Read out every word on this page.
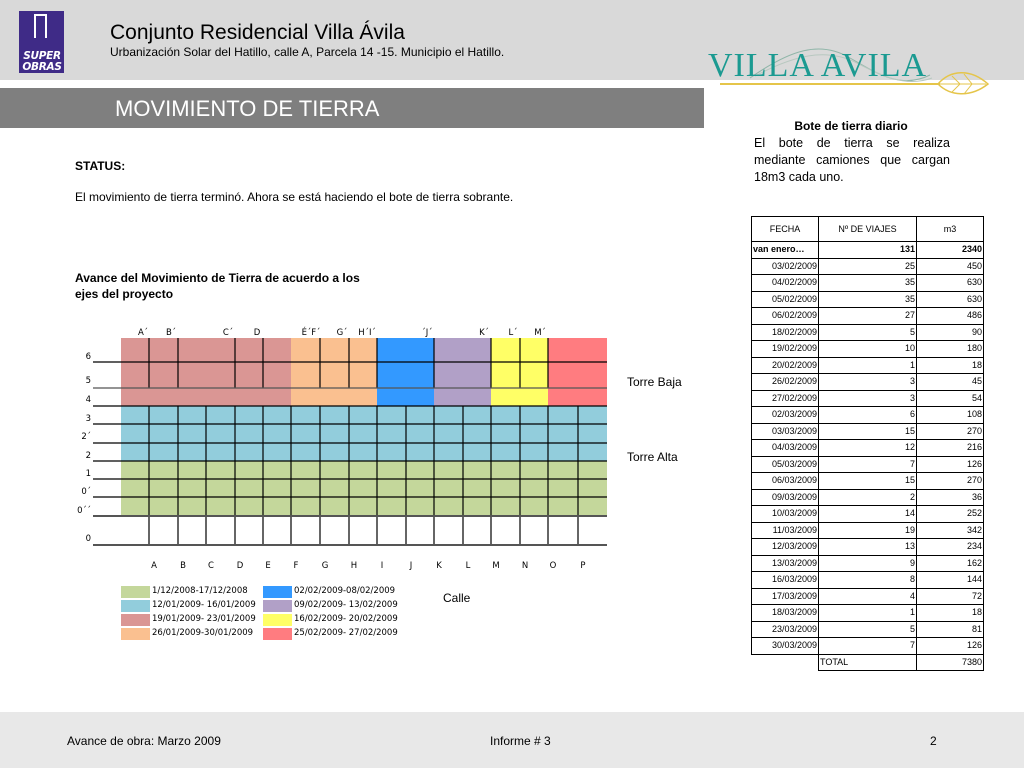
SUPER OBRAS
Conjunto Residencial Villa Ávila
Urbanización Solar del Hatillo, calle A, Parcela 14 -15. Municipio el Hatillo.	VILLA AVILA
MOVIMIENTO DE TIERRA
STATUS:
El movimiento de tierra terminó. Ahora se está haciendo el bote de tierra sobrante.
Avance del Movimiento de Tierra de acuerdo a los ejes del proyecto
6
5
4
3
2´
2
1
0´
0´´
0
A´ B´	C´ D	É´F´ G´ H´I´	´J´	K´ L´ M´
A	B	C	D	E	F	G	H	I	J	K	L	M	N	O	P
Torre Baja
Torre Alta
Calle
1/12/2008-17/12/2008
12/01/2009- 16/01/2009
19/01/2009- 23/01/2009
26/01/2009-30/01/2009
02/02/2009-08/02/2009
09/02/2009- 13/02/2009
16/02/2009- 20/02/2009
25/02/2009- 27/02/2009
Bote de tierra diario
El bote de tierra se realiza mediante camiones que cargan 18m3 cada uno.
FECHA	Nº DE VIAJES	m3
van enero…	131	2340
03/02/2009	25	450
04/02/2009	35	630
05/02/2009	35	630
06/02/2009	27	486
18/02/2009	5	90
19/02/2009	10	180
20/02/2009	1	18
26/02/2009	3	45
27/02/2009	3	54
02/03/2009	6	108
03/03/2009	15	270
04/03/2009	12	216
05/03/2009	7	126
06/03/2009	15	270
09/03/2009	2	36
10/03/2009	14	252
11/03/2009	19	342
12/03/2009	13	234
13/03/2009	9	162
16/03/2009	8	144
17/03/2009	4	72
18/03/2009	1	18
23/03/2009	5	81
30/03/2009	7	126
	TOTAL	7380
Avance de obra: Marzo 2009	Informe # 3	2
